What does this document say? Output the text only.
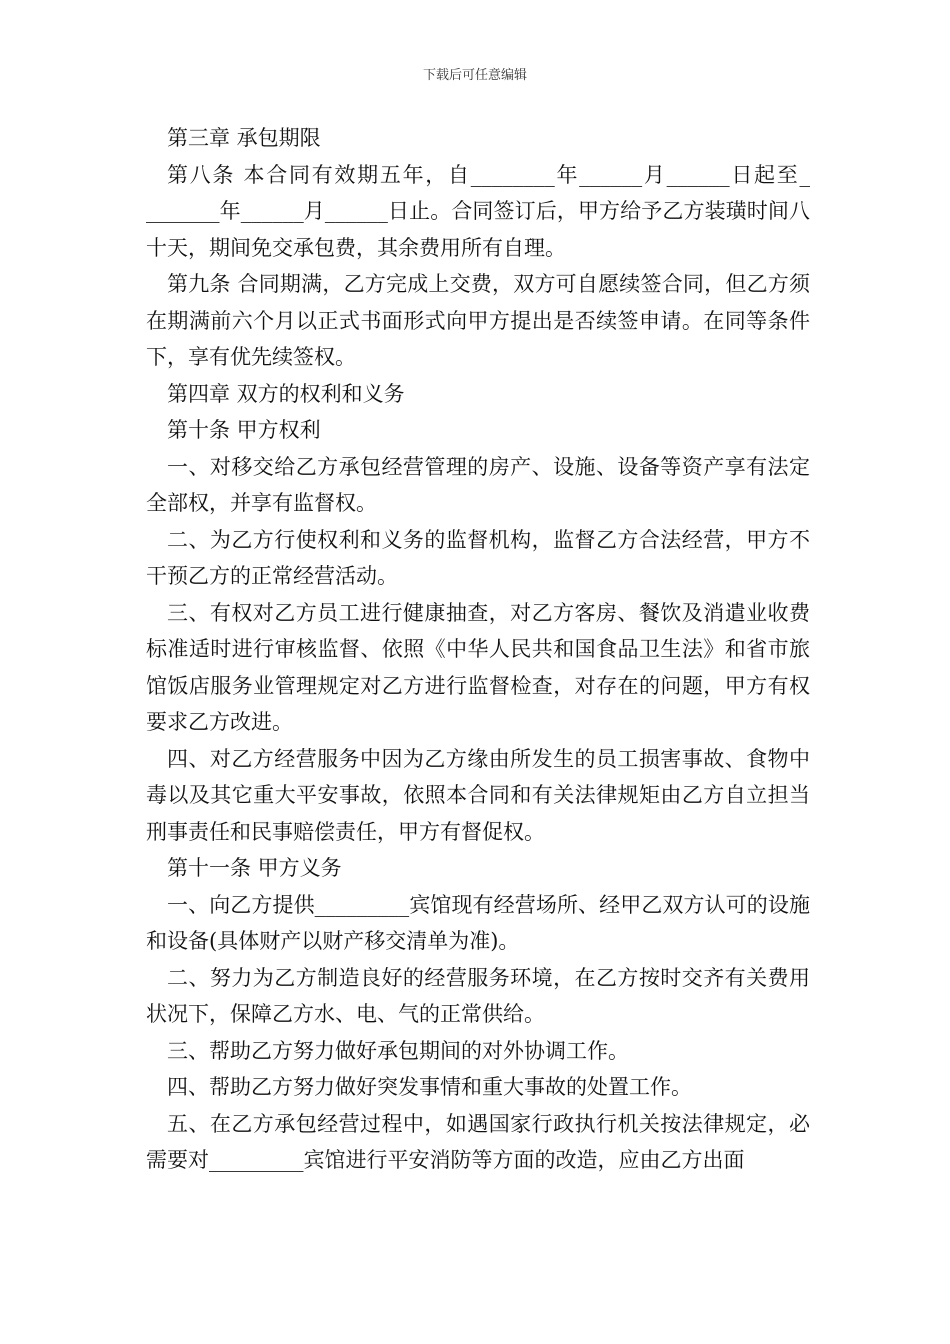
下载后可任意编辑

第三章 承包期限

第八条 本合同有效期五年，自________年______月______日起至_ _______年______月______日止。合同签订后，甲方给予乙方装璜时间八十天，期间免交承包费，其余费用所有自理。

第九条 合同期满，乙方完成上交费，双方可自愿续签合同，但乙方须在期满前六个月以正式书面形式向甲方提出是否续签申请。在同等条件下，享有优先续签权。

第四章 双方的权利和义务

第十条 甲方权利

一、对移交给乙方承包经营管理的房产、设施、设备等资产享有法定全部权，并享有监督权。

二、为乙方行使权利和义务的监督机构，监督乙方合法经营，甲方不干预乙方的正常经营活动。

三、有权对乙方员工进行健康抽查，对乙方客房、餐饮及消遣业收费标准适时进行审核监督、依照《中华人民共和国食品卫生法》和省市旅馆饭店服务业管理规定对乙方进行监督检查，对存在的问题，甲方有权要求乙方改进。

四、对乙方经营服务中因为乙方缘由所发生的员工损害事故、食物中毒以及其它重大平安事故，依照本合同和有关法律规矩由乙方自立担当刑事责任和民事赔偿责任，甲方有督促权。

第十一条 甲方义务

一、向乙方提供_________宾馆现有经营场所、经甲乙双方认可的设施和设备(具体财产以财产移交清单为准)。

二、努力为乙方制造良好的经营服务环境，在乙方按时交齐有关费用状况下，保障乙方水、电、气的正常供给。

三、帮助乙方努力做好承包期间的对外协调工作。

四、帮助乙方努力做好突发事情和重大事故的处置工作。

五、在乙方承包经营过程中，如遇国家行政执行机关按法律规定，必需要对_________宾馆进行平安消防等方面的改造，应由乙方出面
